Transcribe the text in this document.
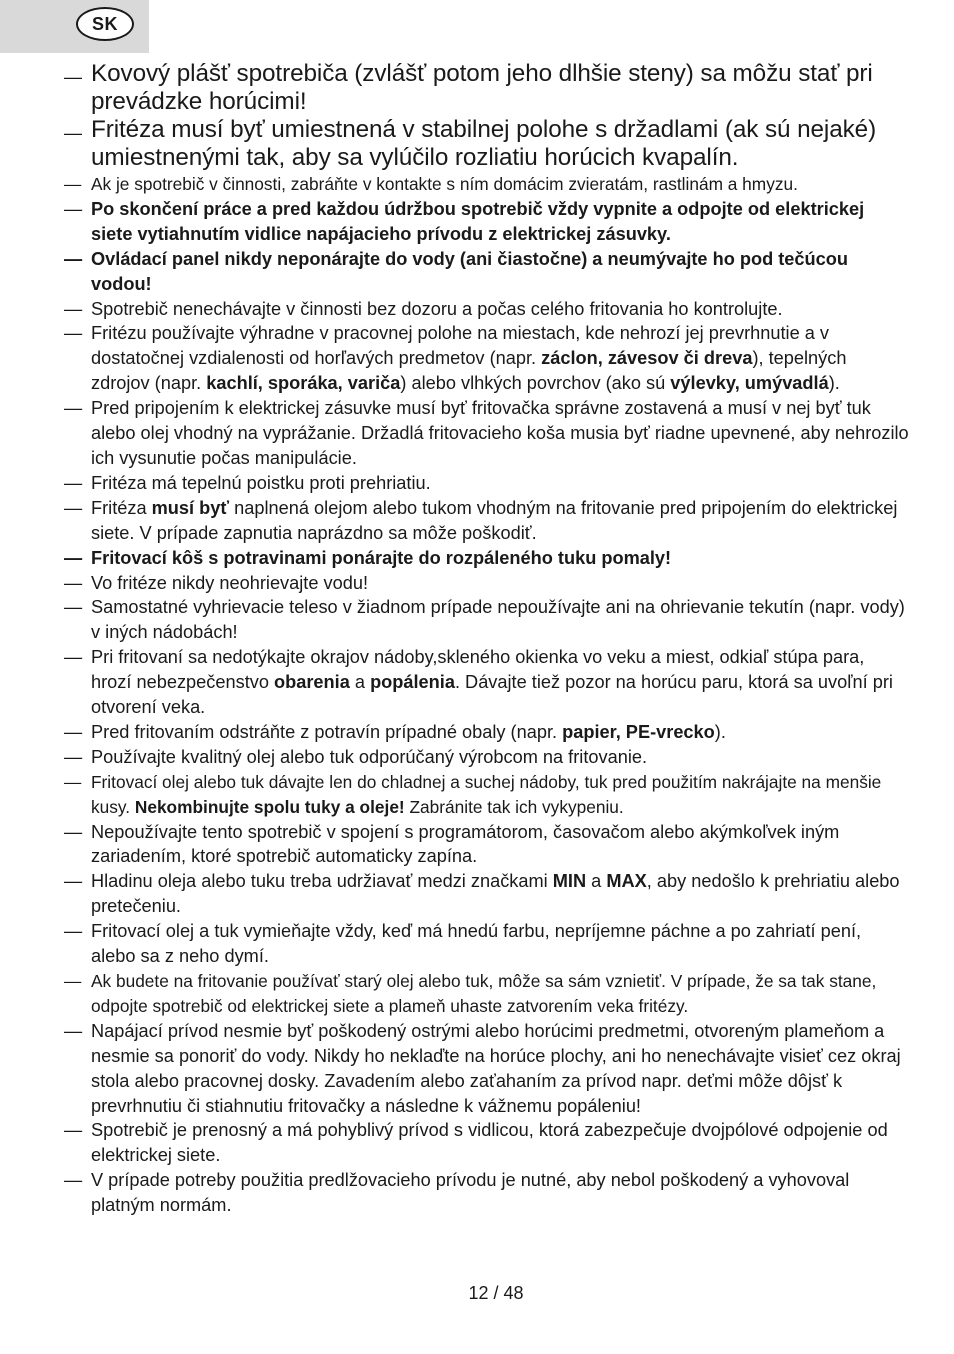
SK
— Kovový plášť spotrebiča (zvlášť potom jeho dlhšie steny) sa môžu stať pri prevádzke horúcimi!
— Fritéza musí byť umiestnená v stabilnej polohe s držadlami (ak sú nejaké) umiestnenými tak, aby sa vylúčilo rozliatiu horúcich kvapalín.
— Ak je spotrebič v činnosti, zabráňte v kontakte s ním domácim zvieratám, rastlinám a hmyzu.
— Po skončení práce a pred každou údržbou spotrebič vždy vypnite a odpojte od elektrickej siete vytiahnutím vidlice napájacieho prívodu z elektrickej zásuvky.
— Ovládací panel nikdy neponárajte do vody (ani čiastočne) a neumývajte ho pod tečúcou vodou!
— Spotrebič nenechávajte v činnosti bez dozoru a počas celého fritovania ho kontrolujte.
— Fritézu používajte výhradne v pracovnej polohe na miestach, kde nehrozí jej prevrhnutie a v dostatočnej vzdialenosti od horľavých predmetov (napr. záclon, závesov či dreva), tepelných zdrojov (napr. kachlí, sporáka, variča) alebo vlhkých povrchov (ako sú výlevky, umývadlá).
— Pred pripojením k elektrickej zásuvke musí byť fritovačka správne zostavená a musí v nej byť tuk alebo olej vhodný na vyprážanie. Držadlá fritovacieho koša musia byť riadne upevnené, aby nehrozilo ich vysunutie počas manipulácie.
— Fritéza má tepelnú poistku proti prehriatiu.
— Fritéza musí byť naplnená olejom alebo tukom vhodným na fritovanie pred pripojením do elektrickej siete. V prípade zapnutia naprázdno sa môže poškodiť.
— Fritovací kôš s potravinami ponárajte do rozpáleného tuku pomaly!
— Vo fritéze nikdy neohrievajte vodu!
— Samostatné vyhrievacie teleso v žiadnom prípade nepoužívajte ani na ohrievanie tekutín (napr. vody) v iných nádobách!
— Pri fritovaní sa nedotýkajte okrajov nádoby,skleného okienka vo veku a miest, odkiaľ stúpa para, hrozí nebezpečenstvo obarenia a popálenia. Dávajte tiež pozor na horúcu paru, ktorá sa uvoľní pri otvorení veka.
— Pred fritovaním odstráňte z potravín prípadné obaly (napr. papier, PE-vrecko).
— Používajte kvalitný olej alebo tuk odporúčaný výrobcom na fritovanie.
— Fritovací olej alebo tuk dávajte len do chladnej a suchej nádoby, tuk pred použitím nakrájajte na menšie kusy. Nekombinujte spolu tuky a oleje! Zabránite tak ich vykypeniu.
— Nepoužívajte tento spotrebič v spojení s programátorom, časovačom alebo akýmkoľvek iným zariadením, ktoré spotrebič automaticky zapína.
— Hladinu oleja alebo tuku treba udržiavať medzi značkami MIN a MAX, aby nedošlo k prehriatiu alebo pretečeniu.
— Fritovací olej a tuk vymieňajte vždy, keď má hnedú farbu, nepríjemne páchne a po zahriatí pení, alebo sa z neho dymí.
— Ak budete na fritovanie používať starý olej alebo tuk, môže sa sám vznietiť. V prípade, že sa tak stane, odpojte spotrebič od elektrickej siete a plameň uhaste zatvorením veka fritézy.
— Napájací prívod nesmie byť poškodený ostrými alebo horúcimi predmetmi, otvoreným plameňom a nesmie sa ponoriť do vody. Nikdy ho neklaďte na horúce plochy, ani ho nenechávajte visieť cez okraj stola alebo pracovnej dosky. Zavadením alebo zaťahaním za prívod napr. deťmi môže dôjsť k prevrhnutiu či stiahnutiu fritovačky a následne k vážnemu popáleniu!
— Spotrebič je prenosný a má pohyblivý prívod s vidlicou, ktorá zabezpečuje dvojpólové odpojenie od elektrickej siete.
— V prípade potreby použitia predlžovacieho prívodu je nutné, aby nebol poškodený a vyhovoval platným normám.
12 / 48
